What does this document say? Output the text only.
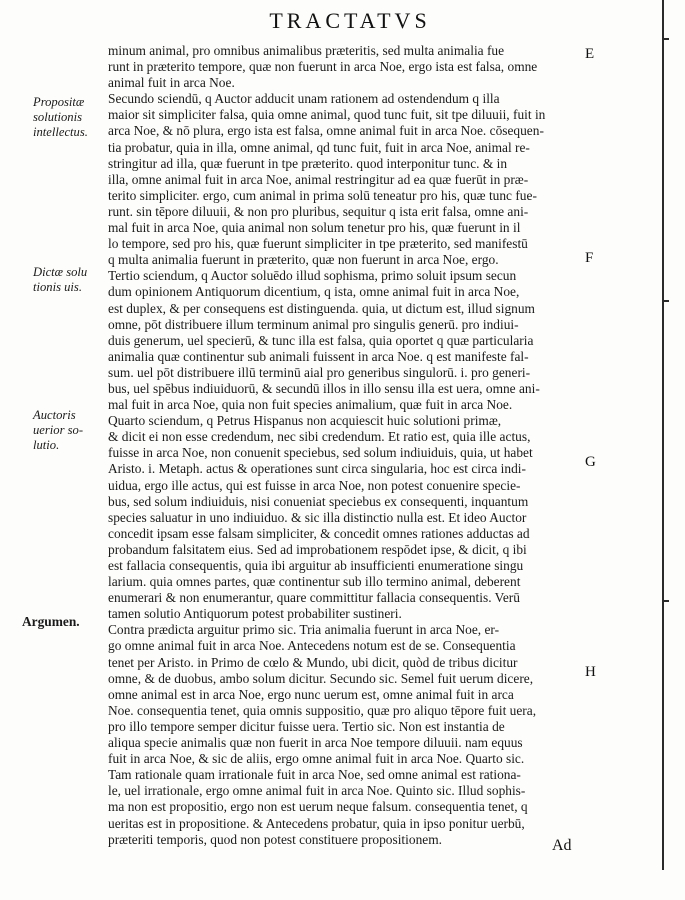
TRACTATVS
minum animal, pro omnibus animalibus præteritis, sed multa animalia fue
runt in præterito tempore, quæ non fuerunt in arca Noe, ergo ista est falsa, omne
animal fuit in arca Noe.
Secundo sciendū, q Auctor adducit unam rationem ad ostendendum q illa
maior sit simpliciter falsa, quia omne animal, quod tunc fuit, sit tpe diluuii, fuit in
arca Noe, & nō plura, ergo ista est falsa, omne animal fuit in arca Noe. cōsequen-
tia probatur, quia in illa, omne animal, qd tunc fuit, fuit in arca Noe, animal re-
stringitur ad illa, quæ fuerunt in tpe præterito. quod interponitur tunc. & in
illa, omne animal fuit in arca Noe, animal restringitur ad ea quæ fuerūt in præ-
terito simpliciter. ergo, cum animal in prima solū teneatur pro his, quæ tunc fue-
runt. sin tēpore diluuii, & non pro pluribus, sequitur q ista erit falsa, omne ani-
mal fuit in arca Noe, quia animal non solum tenetur pro his, quæ fuerunt in il
lo tempore, sed pro his, quæ fuerunt simpliciter in tpe præterito, sed manifestū
q multa animalia fuerunt in præterito, quæ non fuerunt in arca Noe, ergo.
Tertio sciendum, q Auctor soluēdo illud sophisma, primo soluit ipsum secun
dum opinionem Antiquorum dicentium, q ista, omne animal fuit in arca Noe,
est duplex, & per consequens est distinguenda. quia, ut dictum est, illud signum
omne, pōt distribuere illum terminum animal pro singulis generū. pro indiui-
duis generum, uel specierū, & tunc illa est falsa, quia oportet q quæ particularia
animalia quæ continentur sub animali fuissent in arca Noe. q est manifeste fal-
sum. uel pōt distribuere illū terminū aial pro generibus singulorū. i. pro generi-
bus, uel spēbus indiuiduorū, & secundū illos in illo sensu illa est uera, omne ani-
mal fuit in arca Noe, quia non fuit species animalium, quæ fuit in arca Noe.
Quarto sciendum, q Petrus Hispanus non acquiescit huic solutioni primæ,
& dicit ei non esse credendum, nec sibi credendum. Et ratio est, quia ille actus,
fuisse in arca Noe, non conuenit speciebus, sed solum indiuiduis, quia, ut habet
Aristo. i. Metaph. actus & operationes sunt circa singularia, hoc est circa indi-
uidua, ergo ille actus, qui est fuisse in arca Noe, non potest conuenire specie-
bus, sed solum indiuiduis, nisi conueniat speciebus ex consequenti, inquantum
species saluatur in uno indiuiduo. & sic illa distinctio nulla est. Et ideo Auctor
concedit ipsam esse falsam simpliciter, & concedit omnes rationes adductas ad
probandum falsitatem eius. Sed ad improbationem respōdet ipse, & dicit, q ibi
est fallacia consequentis, quia ibi arguitur ab insufficienti enumeratione singu
larium. quia omnes partes, quæ continentur sub illo termino animal, deberent
enumerari & non enumerantur, quare committitur fallacia consequentis. Verū
tamen solutio Antiquorum potest probabiliter sustineri.
Contra prædicta arguitur primo sic. Tria animalia fuerunt in arca Noe, er-
go omne animal fuit in arca Noe. Antecedens notum est de se. Consequentia
tenet per Aristo. in Primo de cœlo & Mundo, ubi dicit, quòd de tribus dicitur
omne, & de duobus, ambo solum dicitur. Secundo sic. Semel fuit uerum dicere,
omne animal est in arca Noe, ergo nunc uerum est, omne animal fuit in arca
Noe. consequentia tenet, quia omnis suppositio, quæ pro aliquo tēpore fuit uera,
pro illo tempore semper dicitur fuisse uera. Tertio sic. Non est instantia de
aliqua specie animalis quæ non fuerit in arca Noe tempore diluuii. nam equus
fuit in arca Noe, & sic de aliis, ergo omne animal fuit in arca Noe. Quarto sic.
Tam rationale quam irrationale fuit in arca Noe, sed omne animal est rationa-
le, uel irrationale, ergo omne animal fuit in arca Noe. Quinto sic. Illud sophis-
ma non est propositio, ergo non est uerum neque falsum. consequentia tenet, q
ueritas est in propositione. & Antecedens probatur, quia in ipso ponitur uerbū,
præteriti temporis, quod non potest constituere propositionem.
Propositæ
solutionis
intellectus.
Dictæ solu
tionis uis.
Auctoris
uerior so-
lutio.
Argumen.
E
F
G
H
Ad
